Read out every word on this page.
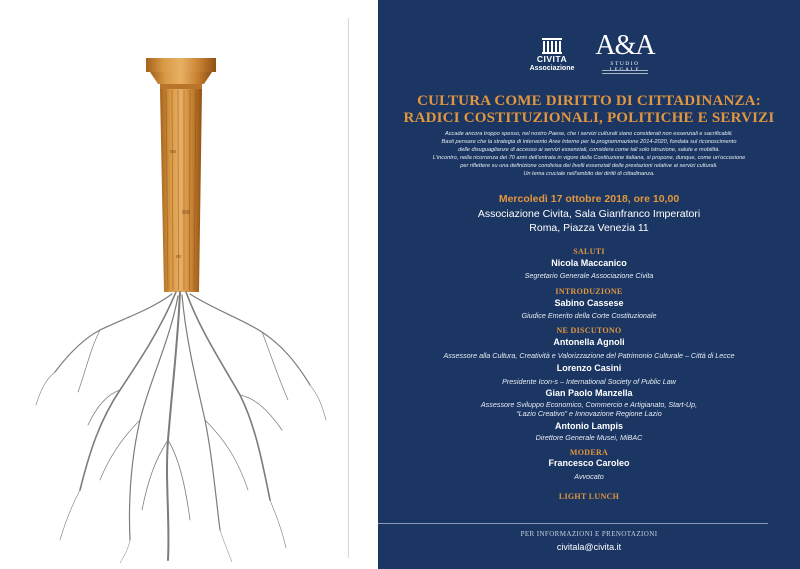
CIVITA
Associazione
A&A
STUDIO
CULTURA COME DIRITTO DI CITTADINANZA:
RADICI COSTITUZIONALI, POLITICHE E SERVIZI
Accade ancora troppo spesso, nel nostro Paese, che i servizi culturali siano considerati non essenziali e sacrificabili.
Basti pensare che la strategia di intervento Aree Interne per la programmazione 2014-2020, fondata sul riconoscimento
delle disuguaglianze di accesso ai servizi essenziali, considera come tali solo istruzione, salute e mobilità.
L'incontro, nella ricorrenza dei 70 anni dell'entrata in vigore della Costituzione italiana, si propone, dunque, come un'occasione
per riflettere su una definizione condivisa dei livelli essenziali delle prestazioni relative ai servizi culturali.
Un tema cruciale nell'ambito dei diritti di cittadinanza.
Mercoledì 17 ottobre 2018, ore 10,00
Associazione Civita, Sala Gianfranco Imperatori
Roma, Piazza Venezia 11
SALUTI
Nicola Maccanico
Segretario Generale Associazione Civita
INTRODUZIONE
Sabino Cassese
Giudice Emerito della Corte Costituzionale
NE DISCUTONO
Antonella Agnoli
Assessore alla Cultura, Creatività e Valorizzazione del Patrimonio Culturale – Città di Lecce
Lorenzo Casini
Presidente Icon-s – International Society of Public Law
Gian Paolo Manzella
Assessore Sviluppo Economico, Commercio e Artigianato, Start-Up,
“Lazio Creativo” e Innovazione Regione Lazio
Antonio Lampis
Direttore Generale Musei, MiBAC
MODERA
Francesco Caroleo
Avvocato
LIGHT LUNCH
PER INFORMAZIONI E PRENOTAZIONI
civitala@civita.it
